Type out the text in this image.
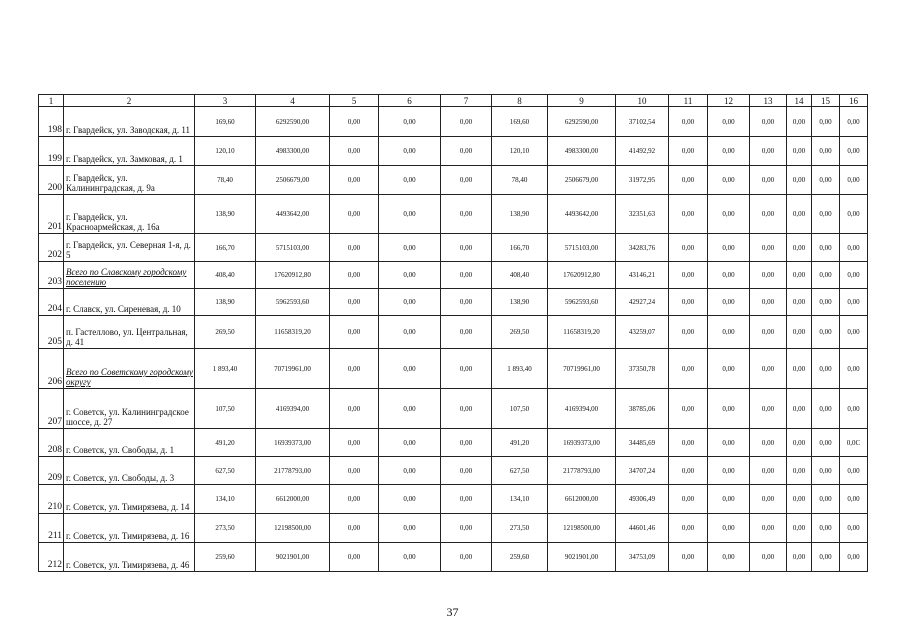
1	2	3	4	5	6	7	8	9	10	11	12	13	14	15	16
198	г. Гвардейск, ул. Заводская, д. 11	169,60	6292590,00	0,00	0,00	0,00	169,60	6292590,00	37102,54	0,00	0,00	0,00	0,00	0,00	0,00
199	г. Гвардейск, ул. Замковая, д. 1	120,10	4983300,00	0,00	0,00	0,00	120,10	4983300,00	41492,92	0,00	0,00	0,00	0,00	0,00	0,00
200	г. Гвардейск, ул. Калининградская, д. 9а	78,40	2506679,00	0,00	0,00	0,00	78,40	2506679,00	31972,95	0,00	0,00	0,00	0,00	0,00	0,00
201	г. Гвардейск, ул. Красноармейская, д. 16а	138,90	4493642,00	0,00	0,00	0,00	138,90	4493642,00	32351,63	0,00	0,00	0,00	0,00	0,00	0,00
202	г. Гвардейск, ул. Северная 1-я, д. 5	166,70	5715103,00	0,00	0,00	0,00	166,70	5715103,00	34283,76	0,00	0,00	0,00	0,00	0,00	0,00
203	Всего по Славскому городскому поселению	408,40	17620912,80	0,00	0,00	0,00	408,40	17620912,80	43146,21	0,00	0,00	0,00	0,00	0,00	0,00
204	г. Славск, ул. Сиреневая, д. 10	138,90	5962593,60	0,00	0,00	0,00	138,90	5962593,60	42927,24	0,00	0,00	0,00	0,00	0,00	0,00
205	п. Гастеллово, ул. Центральная, д. 41	269,50	11658319,20	0,00	0,00	0,00	269,50	11658319,20	43259,07	0,00	0,00	0,00	0,00	0,00	0,00
206	Всего по Советскому городскому округу	1 893,40	70719961,00	0,00	0,00	0,00	1 893,40	70719961,00	37350,78	0,00	0,00	0,00	0,00	0,00	0,00
207	г. Советск, ул. Калининградское шоссе, д. 27	107,50	4169394,00	0,00	0,00	0,00	107,50	4169394,00	38785,06	0,00	0,00	0,00	0,00	0,00	0,00
208	г. Советск, ул. Свободы, д. 1	491,20	16939373,00	0,00	0,00	0,00	491,20	16939373,00	34485,69	0,00	0,00	0,00	0,00	0,00	0,0С
209	г. Советск, ул. Свободы, д. 3	627,50	21778793,00	0,00	0,00	0,00	627,50	21778793,00	34707,24	0,00	0,00	0,00	0,00	0,00	0,00
210	г. Советск, ул. Тимирязева, д. 14	134,10	6612000,00	0,00	0,00	0,00	134,10	6612000,00	49306,49	0,00	0,00	0,00	0,00	0,00	0,00
211	г. Советск, ул. Тимирязева, д. 16	273,50	12198500,00	0,00	0,00	0,00	273,50	12198500,00	44601,46	0,00	0,00	0,00	0,00	0,00	0,00
212	г. Советск, ул. Тимирязева, д. 46	259,60	9021901,00	0,00	0,00	0,00	259,60	9021901,00	34753,09	0,00	0,00	0,00	0,00	0,00	0,00
37
